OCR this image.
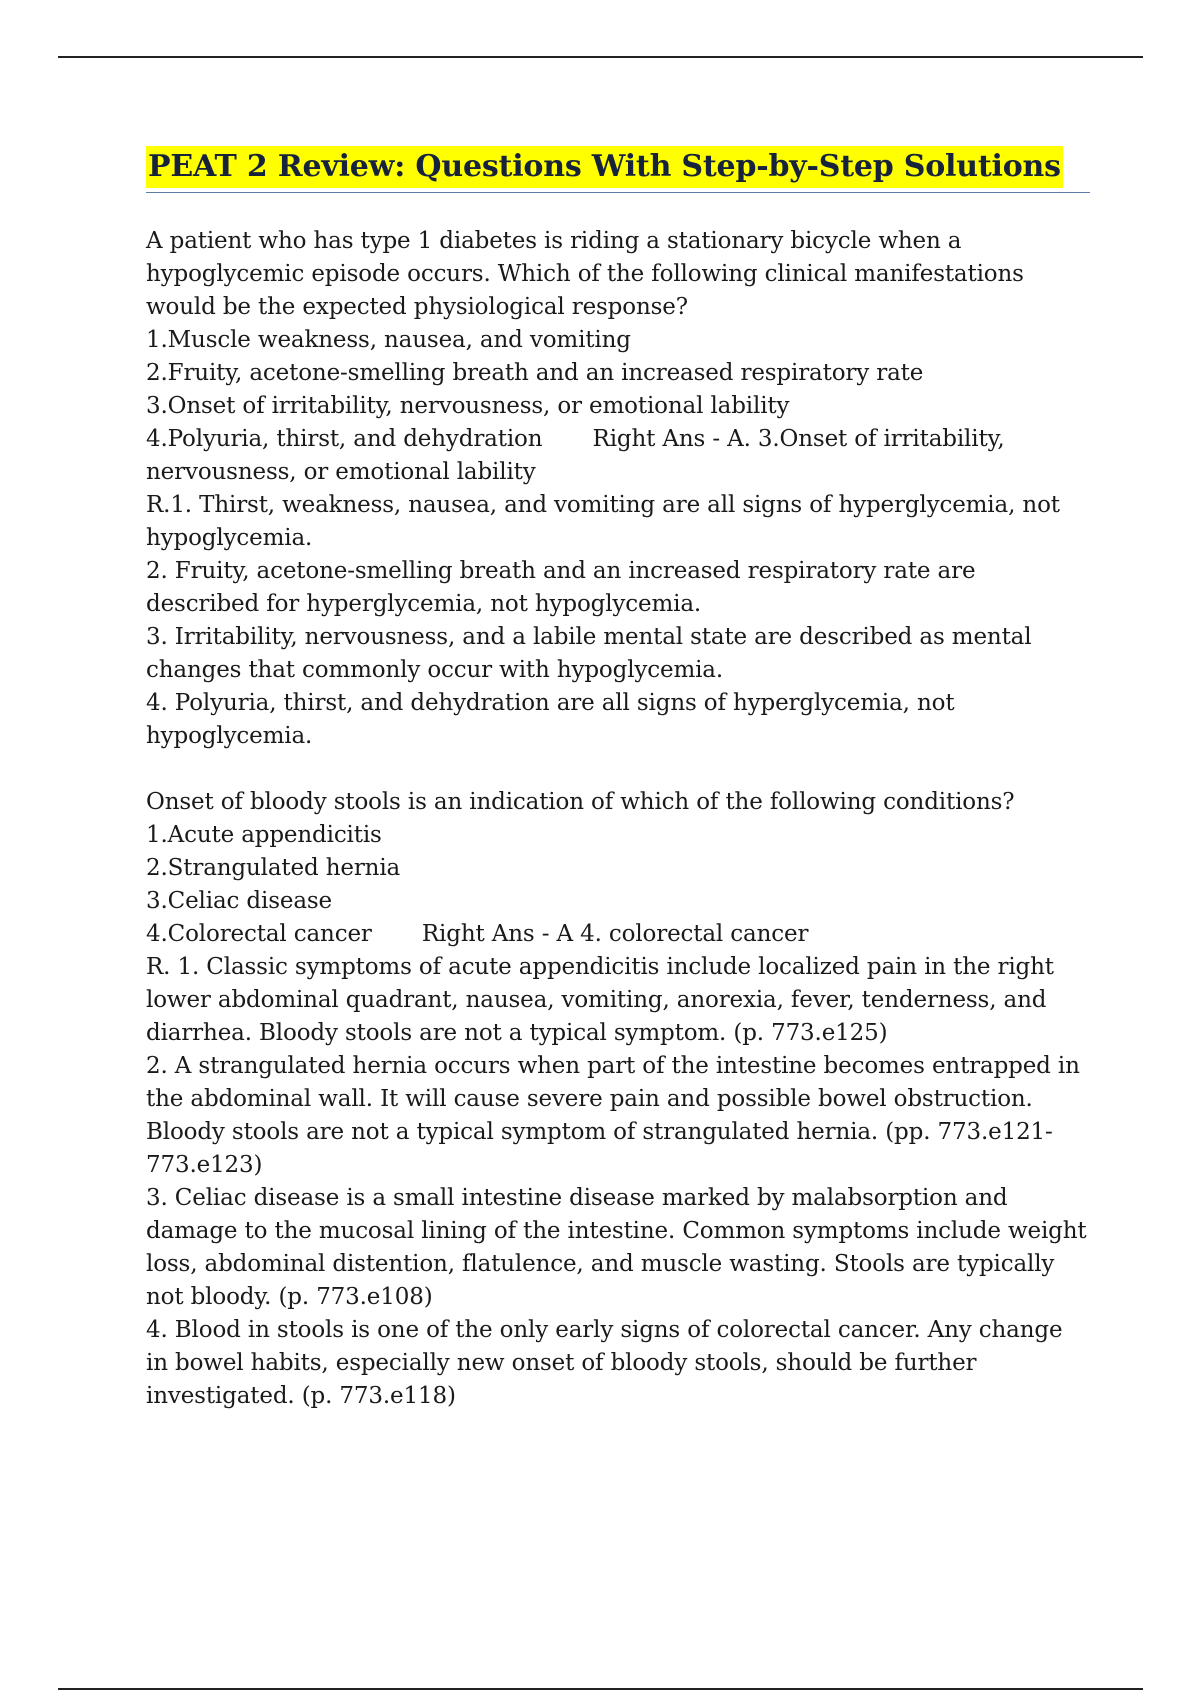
PEAT 2 Review: Questions With Step-by-Step Solutions
A patient who has type 1 diabetes is riding a stationary bicycle when a hypoglycemic episode occurs. Which of the following clinical manifestations would be the expected physiological response?
1.Muscle weakness, nausea, and vomiting
2.Fruity, acetone-smelling breath and an increased respiratory rate
3.Onset of irritability, nervousness, or emotional lability
4.Polyuria, thirst, and dehydration Right Ans - A. 3.Onset of irritability, nervousness, or emotional lability
R.1. Thirst, weakness, nausea, and vomiting are all signs of hyperglycemia, not hypoglycemia.
2. Fruity, acetone-smelling breath and an increased respiratory rate are described for hyperglycemia, not hypoglycemia.
3. Irritability, nervousness, and a labile mental state are described as mental changes that commonly occur with hypoglycemia.
4. Polyuria, thirst, and dehydration are all signs of hyperglycemia, not hypoglycemia.
Onset of bloody stools is an indication of which of the following conditions?
1.Acute appendicitis
2.Strangulated hernia
3.Celiac disease
4.Colorectal cancer Right Ans - A 4. colorectal cancer
R. 1. Classic symptoms of acute appendicitis include localized pain in the right lower abdominal quadrant, nausea, vomiting, anorexia, fever, tenderness, and diarrhea. Bloody stools are not a typical symptom. (p. 773.e125)
2. A strangulated hernia occurs when part of the intestine becomes entrapped in the abdominal wall. It will cause severe pain and possible bowel obstruction. Bloody stools are not a typical symptom of strangulated hernia. (pp. 773.e121-773.e123)
3. Celiac disease is a small intestine disease marked by malabsorption and damage to the mucosal lining of the intestine. Common symptoms include weight loss, abdominal distention, flatulence, and muscle wasting. Stools are typically not bloody. (p. 773.e108)
4. Blood in stools is one of the only early signs of colorectal cancer. Any change in bowel habits, especially new onset of bloody stools, should be further investigated. (p. 773.e118)
